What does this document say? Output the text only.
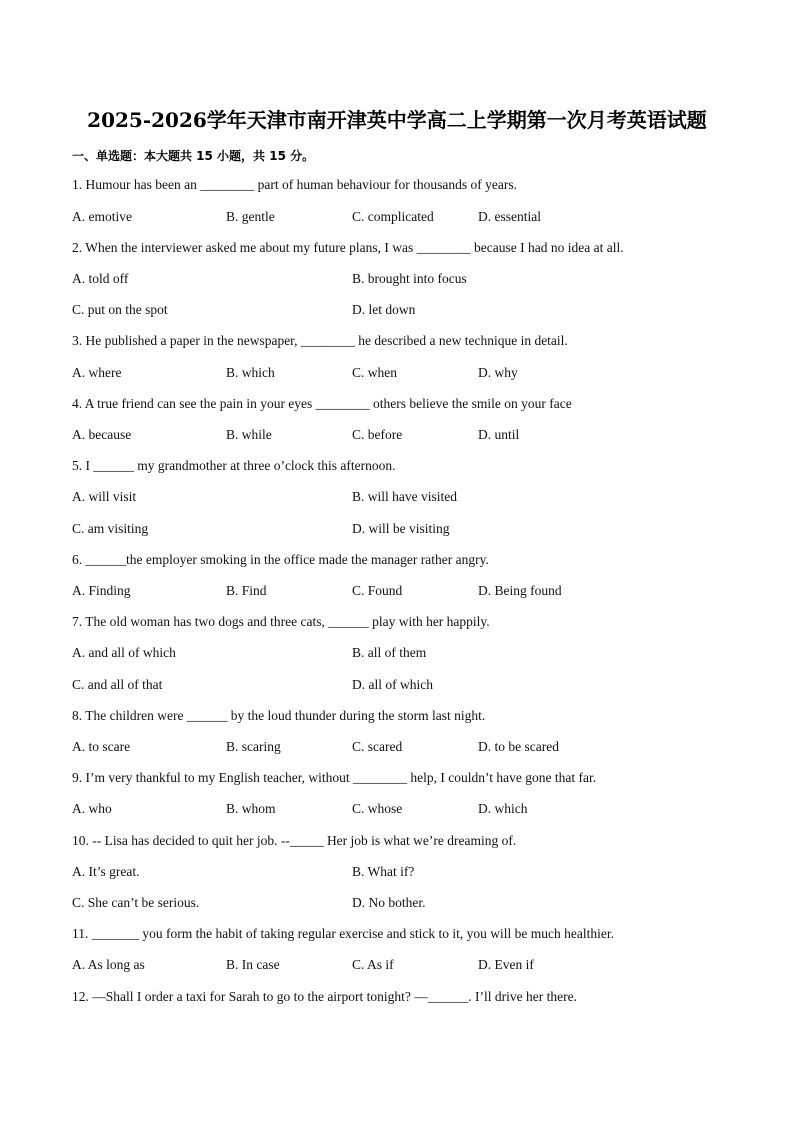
2025-2026学年天津市南开津英中学高二上学期第一次月考英语试题
一、单选题：本大题共 15 小题，共 15 分。
1. Humour has been an ________ part of human behaviour for thousands of years.
A. emotive	B. gentle	C. complicated	D. essential
2. When the interviewer asked me about my future plans, I was ________ because I had no idea at all.
A. told off	B. brought into focus
C. put on the spot	D. let down
3. He published a paper in the newspaper, ________ he described a new technique in detail.
A. where	B. which	C. when	D. why
4. A true friend can see the pain in your eyes ________ others believe the smile on your face
A. because	B. while	C. before	D. until
5. I ______ my grandmother at three o’clock this afternoon.
A. will visit	B. will have visited
C. am visiting	D. will be visiting
6. ______the employer smoking in the office made the manager rather angry.
A. Finding	B. Find	C. Found	D. Being found
7. The old woman has two dogs and three cats, ______ play with her happily.
A. and all of which	B. all of them
C. and all of that	D. all of which
8. The children were ______ by the loud thunder during the storm last night.
A. to scare	B. scaring	C. scared	D. to be scared
9. I’m very thankful to my English teacher, without ________ help, I couldn’t have gone that far.
A. who	B. whom	C. whose	D. which
10. -- Lisa has decided to quit her job. --_____ Her job is what we’re dreaming of.
A. It’s great.	B. What if?
C. She can’t be serious.	D. No bother.
11. _______ you form the habit of taking regular exercise and stick to it, you will be much healthier.
A. As long as	B. In case	C. As if	D. Even if
12. —Shall I order a taxi for Sarah to go to the airport tonight? —______. I’ll drive her there.
